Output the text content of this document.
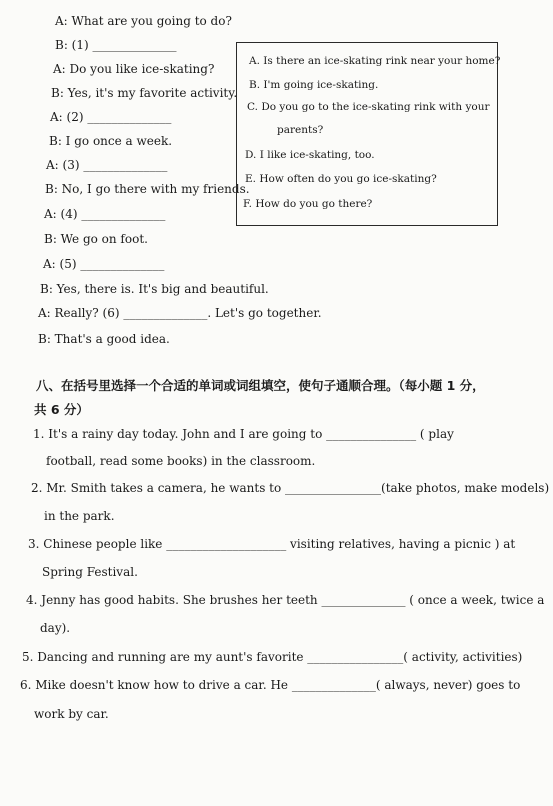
A: What are you going to do?
B: (1) ______________
A: Do you like ice-skating?
B: Yes, it's my favorite activity.
A: (2) ______________
B: I go once a week.
A: (3) ______________
B: No, I go there with my friends.
A: (4) ______________
B: We go on foot.
A: (5) ______________
B: Yes, there is. It's big and beautiful.
A: Really? (6) ______________. Let's go together.
B: That's a good idea.
A. Is there an ice-skating rink near your home?
B. I'm going ice-skating.
C. Do you go to the ice-skating rink with your
parents?
D. I like ice-skating, too.
E. How often do you go ice-skating?
F. How do you go there?
八、在括号里选择一个合适的单词或词组填空，使句子通顺合理。（每小题 1 分，
共 6 分）
1. It's a rainy day today. John and I are going to _______________ ( play
football, read some books) in the classroom.
2. Mr. Smith takes a camera, he wants to ________________(take photos, make models)
in the park.
3. Chinese people like ____________________ visiting relatives, having a picnic ) at
Spring Festival.
4. Jenny has good habits. She brushes her teeth ______________ ( once a week, twice a
day).
5. Dancing and running are my aunt's favorite ________________( activity, activities)
6. Mike doesn't know how to drive a car. He ______________( always, never) goes to
work by car.
